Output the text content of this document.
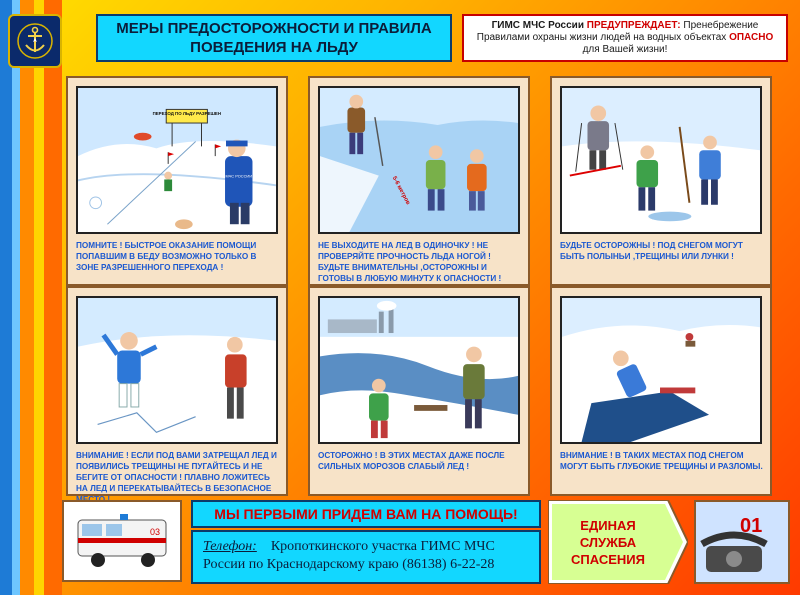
МЕРЫ ПРЕДОСТОРОЖНОСТИ И ПРАВИЛА ПОВЕДЕНИЯ НА ЛЬДУ
ГИМС МЧС России ПРЕДУПРЕЖДАЕТ: Пренебрежение Правилами охраны жизни людей на водных объектах ОПАСНО для Вашей жизни!
ПЕРЕХОД ПО ЛЬДУ РАЗРЕШЕН
МЧС РОССИИ
ПОМНИТЕ ! БЫСТРОЕ ОКАЗАНИЕ ПОМОЩИ ПОПАВШИМ В БЕДУ ВОЗМОЖНО ТОЛЬКО В ЗОНЕ РАЗРЕШЕННОГО ПЕРЕХОДА !
5-6 метров
НЕ ВЫХОДИТЕ НА ЛЕД В ОДИНОЧКУ ! НЕ ПРОВЕРЯЙТЕ ПРОЧНОСТЬ ЛЬДА НОГОЙ ! БУДЬТЕ ВНИМАТЕЛЬНЫ ,ОСТОРОЖНЫ И ГОТОВЫ В ЛЮБУЮ МИНУТУ К ОПАСНОСТИ !
БУДЬТЕ ОСТОРОЖНЫ ! ПОД СНЕГОМ МОГУТ БЫТЬ ПОЛЫНЬИ ,ТРЕЩИНЫ ИЛИ ЛУНКИ !
ВНИМАНИЕ ! ЕСЛИ ПОД ВАМИ ЗАТРЕЩАЛ ЛЕД И ПОЯВИЛИСЬ ТРЕЩИНЫ НЕ ПУГАЙТЕСЬ И НЕ БЕГИТЕ ОТ ОПАСНОСТИ ! ПЛАВНО ЛОЖИТЕСЬ НА ЛЕД И ПЕРЕКАТЫВАЙТЕСЬ В БЕЗОПАСНОЕ
ОСТОРОЖНО ! В ЭТИХ МЕСТАХ ДАЖЕ ПОСЛЕ СИЛЬНЫХ МОРОЗОВ СЛАБЫЙ ЛЕД !
ВНИМАНИЕ ! В ТАКИХ МЕСТАХ ПОД СНЕГОМ МОГУТ БЫТЬ ГЛУБОКИЕ ТРЕЩИНЫ И РАЗЛОМЫ.
03
МЫ ПЕРВЫМИ ПРИДЕМ ВАМ НА ПОМОЩЬ!
Телефон: Кропоткинского участка ГИМС МЧС
России по Краснодарскому краю (86138) 6-22-28
ЕДИНАЯ СЛУЖБА СПАСЕНИЯ
01
